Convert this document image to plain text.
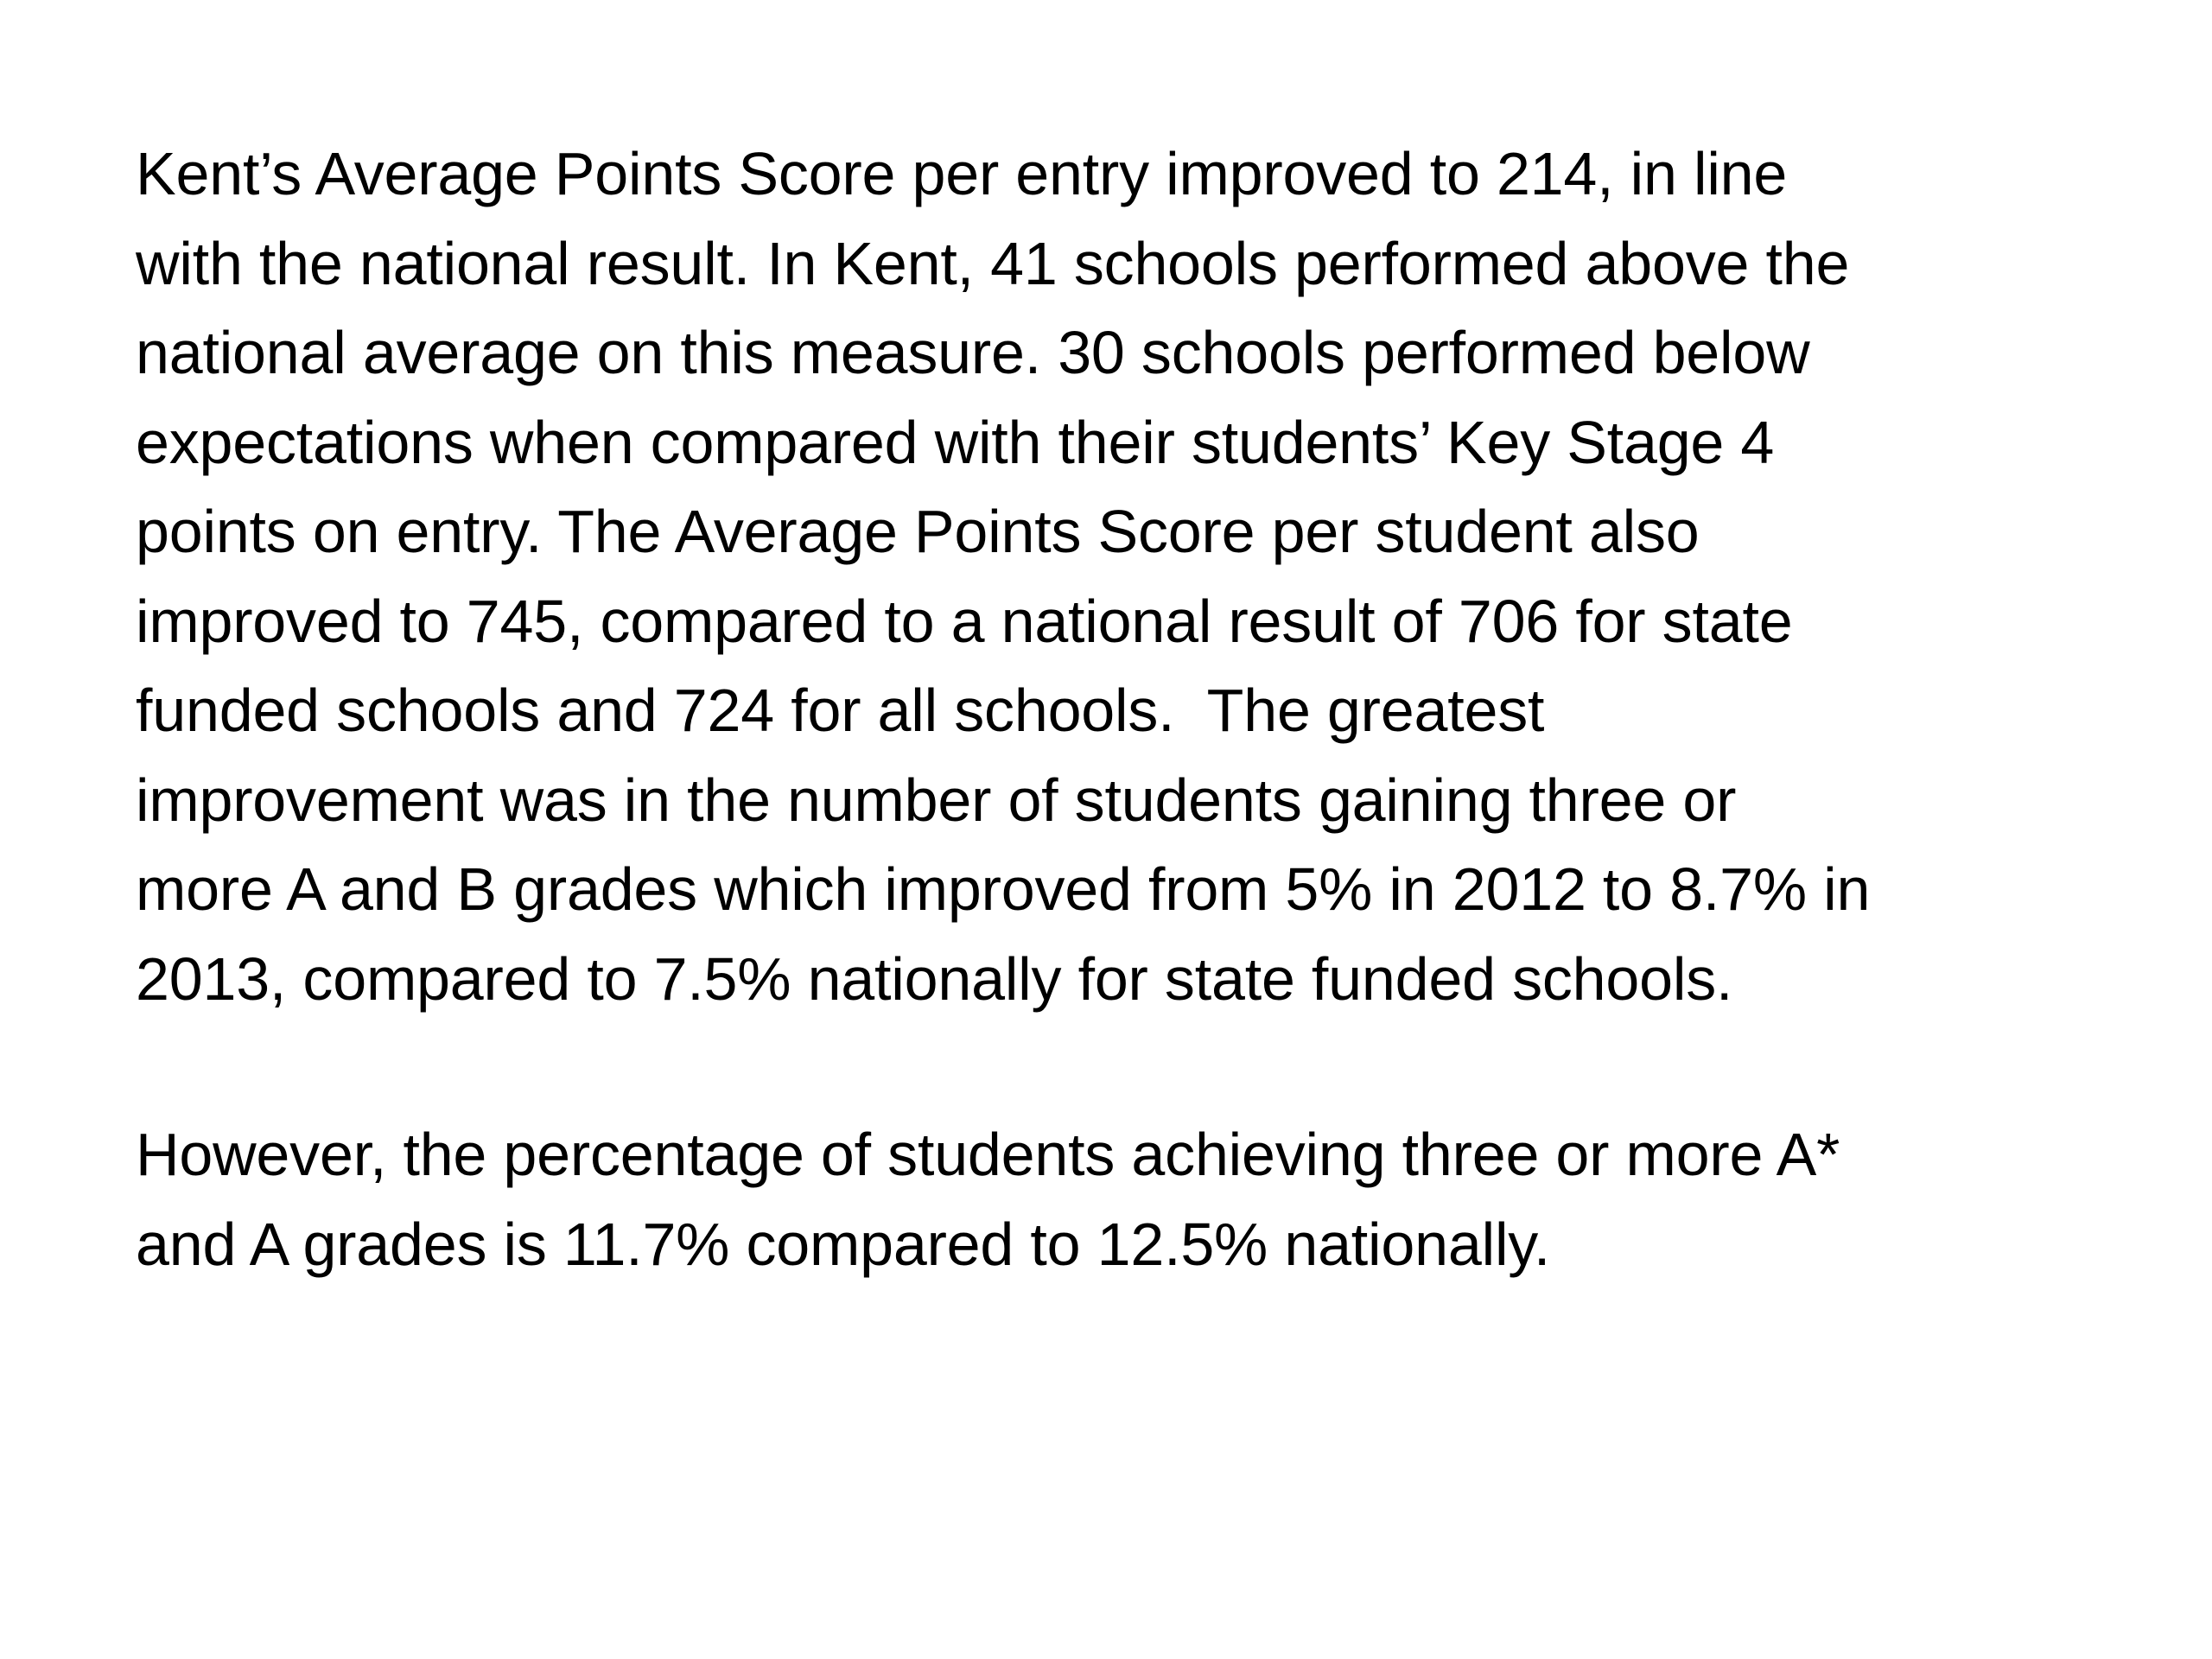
Kent’s Average Points Score per entry improved to 214, in line
with the national result. In Kent, 41 schools performed above the
national average on this measure. 30 schools performed below
expectations when compared with their students’ Key Stage 4
points on entry. The Average Points Score per student also
improved to 745, compared to a national result of 706 for state
funded schools and 724 for all schools.  The greatest
improvement was in the number of students gaining three or
more A and B grades which improved from 5% in 2012 to 8.7% in
2013, compared to 7.5% nationally for state funded schools.
However, the percentage of students achieving three or more A*
and A grades is 11.7% compared to 12.5% nationally.
